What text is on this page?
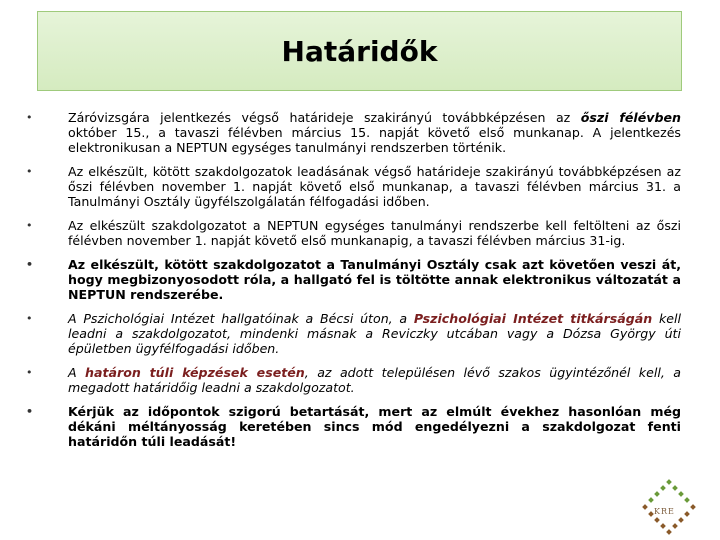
Határidők
•	Záróvizsgára jelentkezés végső határideje szakirányú továbbképzésen az őszi félévben október 15., a tavaszi félévben március 15. napját követő első munkanap. A jelentkezés elektronikusan a NEPTUN egységes tanulmányi rendszerben történik.
•	Az elkészült, kötött szakdolgozatok leadásának végső határideje szakirányú továbbképzésen az őszi félévben november 1. napját követő első munkanap, a tavaszi félévben március 31. a Tanulmányi Osztály ügyfélszolgálatán félfogadási időben.
•	Az elkészült szakdolgozatot a NEPTUN egységes tanulmányi rendszerbe kell feltölteni az őszi félévben november 1. napját követő első munkanapig, a tavaszi félévben március 31-ig.
•	Az elkészült, kötött szakdolgozatot a Tanulmányi Osztály csak azt követően veszi át, hogy megbizonyosodott róla, a hallgató fel is töltötte annak elektronikus változatát a NEPTUN rendszerébe.
•	A Pszichológiai Intézet hallgatóinak a Bécsi úton, a Pszichológiai Intézet titkárságán kell leadni a szakdolgozatot, mindenki másnak a Reviczky utcában vagy a Dózsa György úti épületben ügyfélfogadási időben.
•	A határon túli képzések esetén, az adott településen lévő szakos ügyintézőnél kell, a megadott határidőig leadni a szakdolgozatot.
•	Kérjük az időpontok szigorú betartását, mert az elmúlt évekhez hasonlóan még dékáni méltányosság keretében sincs mód engedélyezni a szakdolgozat fenti határidőn túli leadását!
KRE
